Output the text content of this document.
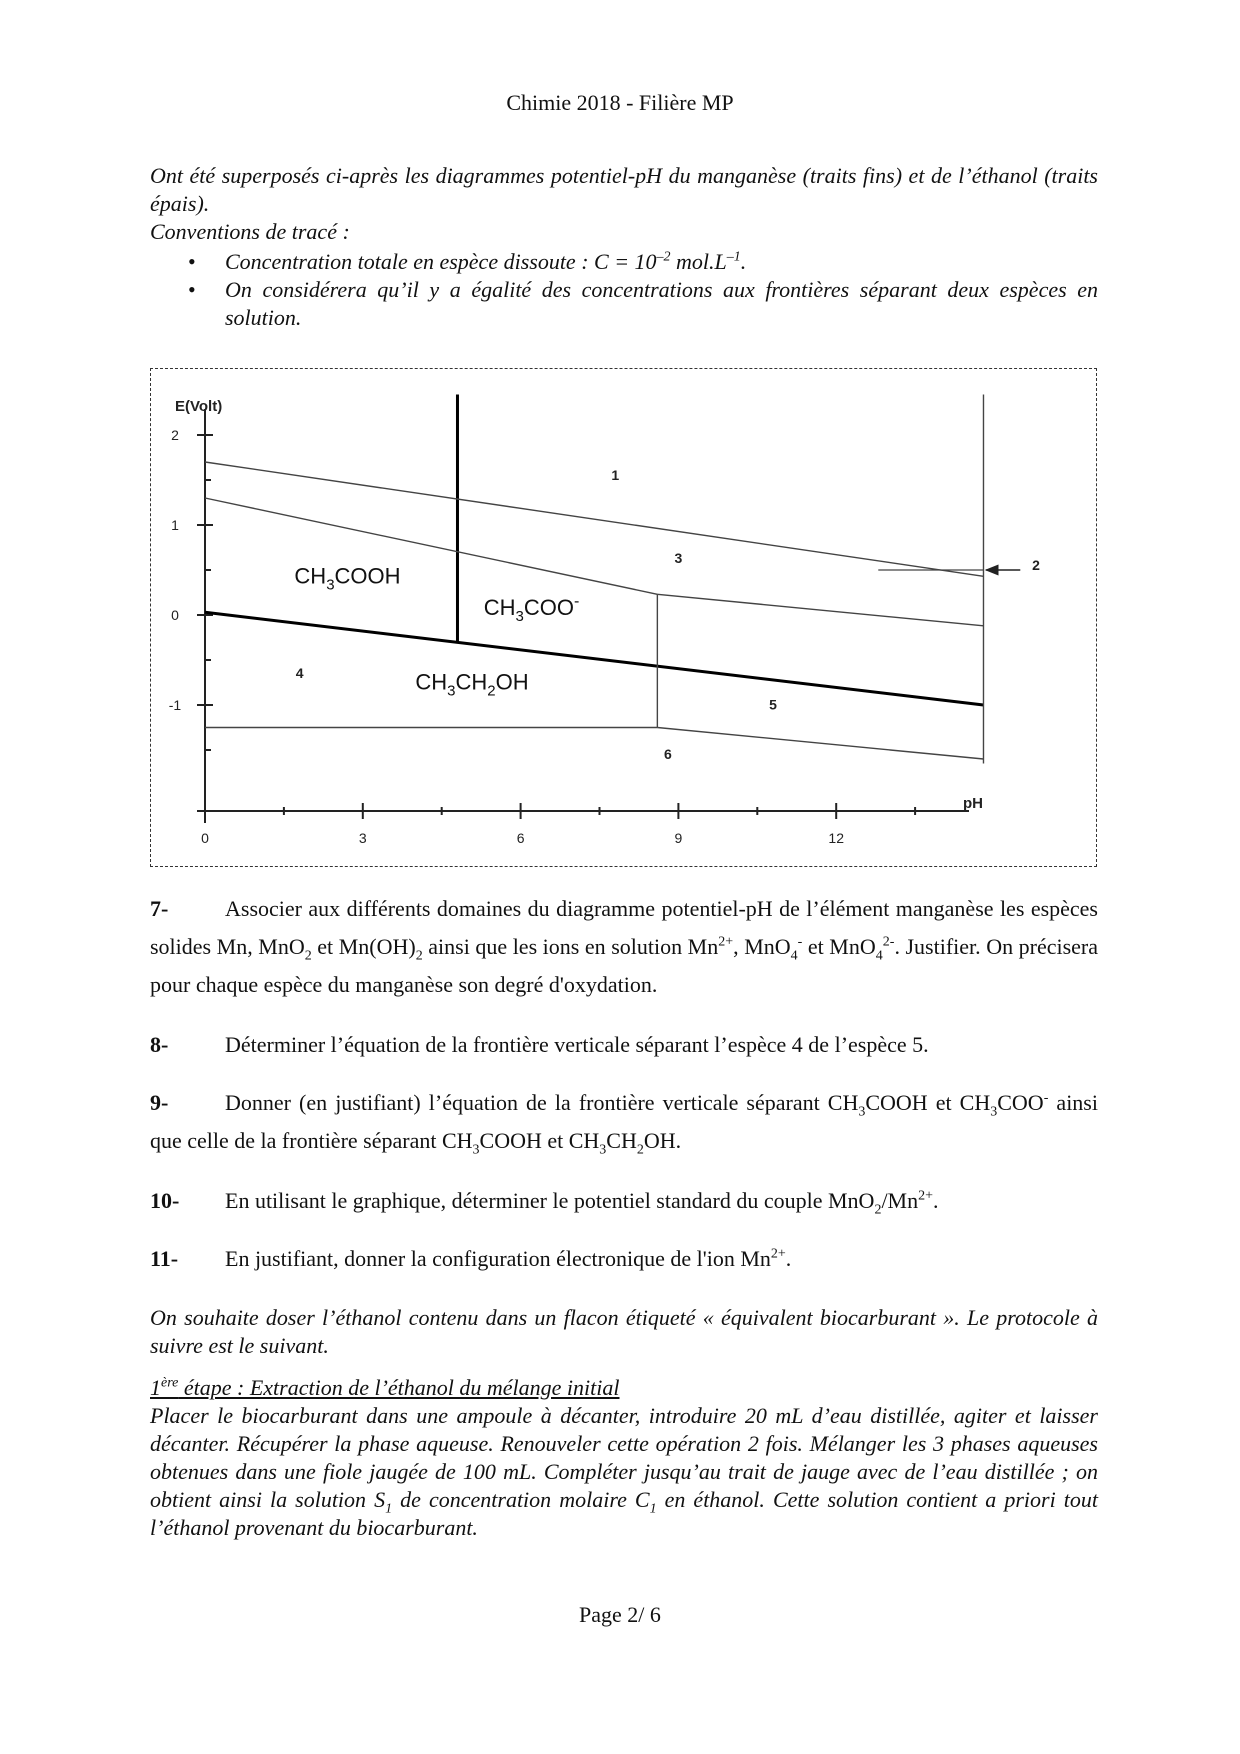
Chimie 2018 - Filière MP
Ont été superposés ci-après les diagrammes potentiel-pH du manganèse (traits fins) et de l’éthanol (traits épais).
Conventions de tracé :
• Concentration totale en espèce dissoute : $C = 10^{-2}$ $mol.L^{-1}$.
• On considérera qu’il y a égalité des concentrations aux frontières séparant deux espèces en solution.
E(Volt)
pH
2
1
0
-1
0	3	6	9	12
1
2
3
4
5
6
$CH_3COOH$
$CH_3COO^-$
$CH_3CH_2OH$
7-	Associer aux différents domaines du diagramme potentiel-pH de l’élément manganèse les espèces solides Mn, MnO$_2$ et $Mn(OH)_2$ ainsi que les ions en solution $Mn^{2+}$, MnO$_4$- et MnO$_4^{2-}$. Justifier. On précisera pour chaque espèce du manganèse son degré d'oxydation.
8-	Déterminer l’équation de la frontière verticale séparant l’espèce 4 de l’espèce 5.
9-	Donner (en justifiant) l’équation de la frontière verticale séparant $CH_3COOH$ et $CH_3COO^-$ ainsi que celle de la frontière séparant $CH_3COOH$ et $CH_3CH_2OH$.
10- En utilisant le graphique, déterminer le potentiel standard du couple $MnO_2/Mn^{2+}$.
11- En justifiant, donner la configuration électronique de l'ion $Mn^{2+}$.
On souhaite doser l’éthanol contenu dans un flacon étiqueté « équivalent biocarburant ». Le protocole à suivre est le suivant.
1ère étape : Extraction de l’éthanol du mélange initial
Placer le biocarburant dans une ampoule à décanter, introduire 20 mL d’eau distillée, agiter et laisser décanter. Récupérer la phase aqueuse. Renouveler cette opération 2 fois. Mélanger les 3 phases aqueuses obtenues dans une fiole jaugée de 100 mL. Compléter jusqu’au trait de jauge avec de l’eau distillée ; on obtient ainsi la solution $S_1$ de concentration molaire $C_1$ en éthanol. Cette solution contient a priori tout l’éthanol provenant du biocarburant.
Page 2/ 6
